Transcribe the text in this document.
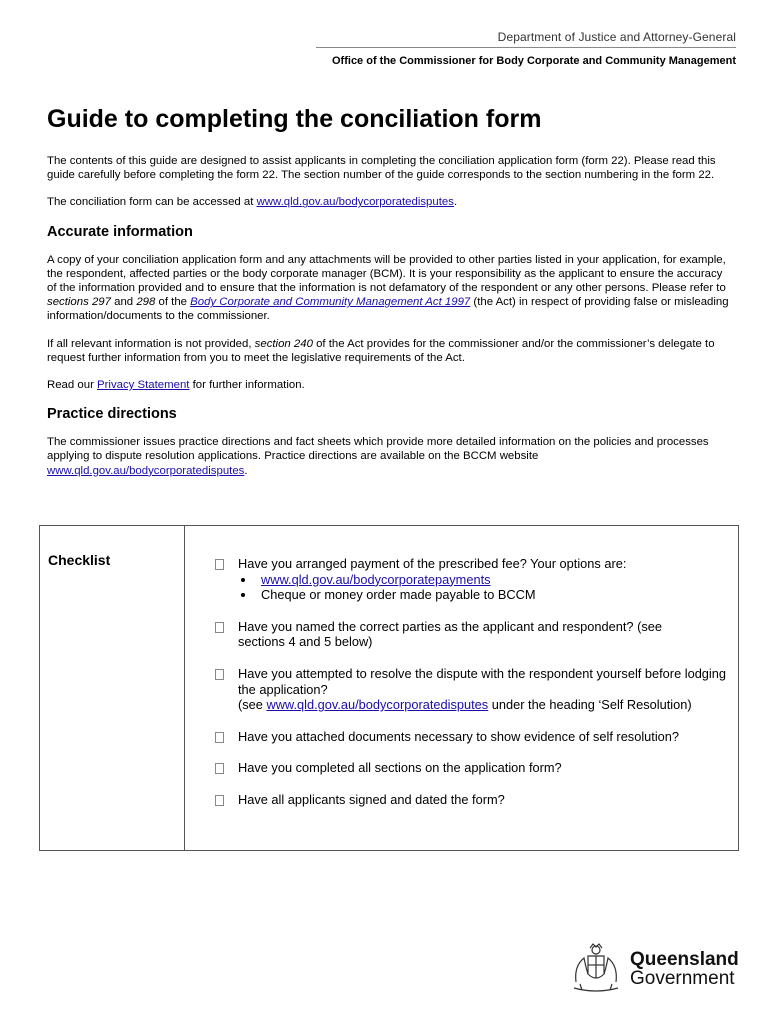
Department of Justice and Attorney-General
Office of the Commissioner for Body Corporate and Community Management
Guide to completing the conciliation form

The contents of this guide are designed to assist applicants in completing the conciliation application form (form 22). Please read this guide carefully before completing the form 22. The section number of the guide corresponds to the section numbering in the form 22.

The conciliation form can be accessed at www.qld.gov.au/bodycorporatedisputes.

Accurate information

A copy of your conciliation application form and any attachments will be provided to other parties listed in your application, for example, the respondent, affected parties or the body corporate manager (BCM). It is your responsibility as the applicant to ensure the accuracy of the information provided and to ensure that the information is not defamatory of the respondent or any other persons. Please refer to sections 297 and 298 of the Body Corporate and Community Management Act 1997 (the Act) in respect of providing false or misleading information/documents to the commissioner.

If all relevant information is not provided, section 240 of the Act provides for the commissioner and/or the commissioner’s delegate to request further information from you to meet the legislative requirements of the Act.

Read our Privacy Statement for further information.

Practice directions

The commissioner issues practice directions and fact sheets which provide more detailed information on the policies and processes applying to dispute resolution applications. Practice directions are available on the BCCM website www.qld.gov.au/bodycorporatedisputes.

Checklist	Have you arranged payment of the prescribed fee? Your options are:
www.qld.gov.au/bodycorporatepayments
Cheque or money order made payable to BCCM
Have you named the correct parties as the applicant and respondent? (see sections 4 and 5 below)
Have you attempted to resolve the dispute with the respondent yourself before lodging the application?
(see www.qld.gov.au/bodycorporatedisputes under the heading ‘Self Resolution)
Have you attached documents necessary to show evidence of self resolution?
Have you completed all sections on the application form?
Have all applicants signed and dated the form?
Queensland
Government
